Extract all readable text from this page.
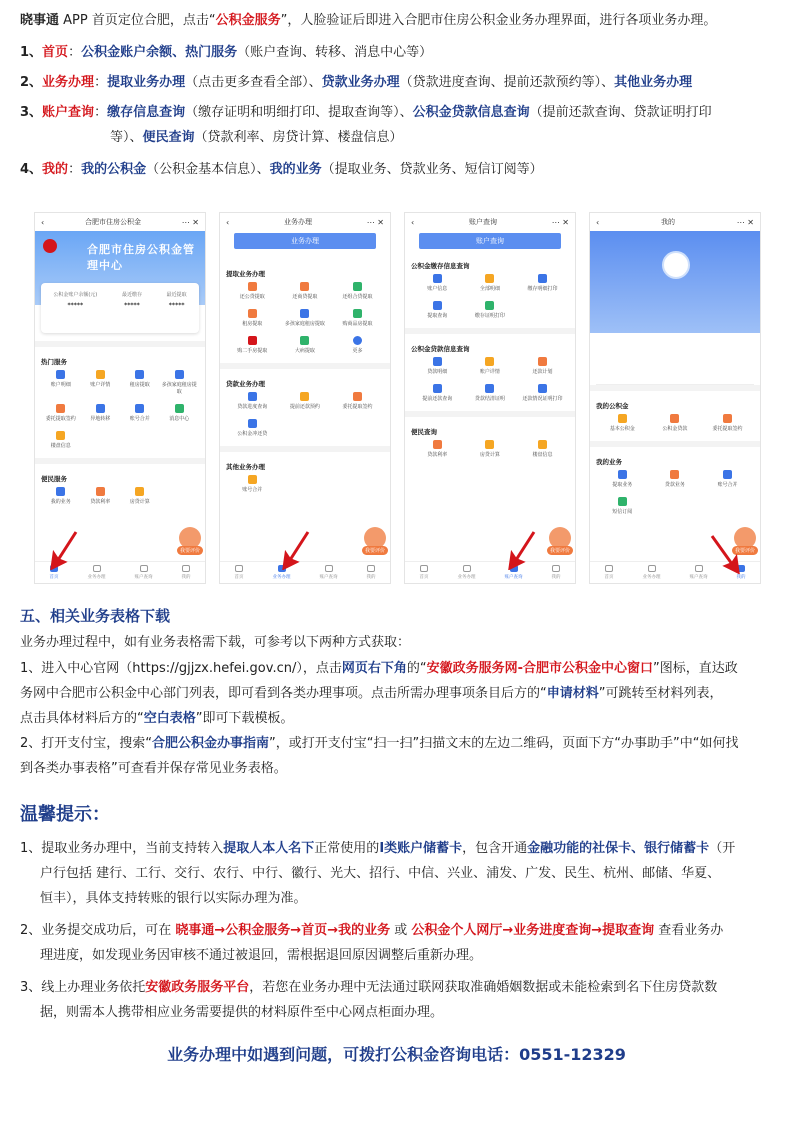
晓事通 APP 首页定位合肥，点击“公积金服务”，人脸验证后即进入合肥市住房公积金业务办理界面，进行各项业务办理。
1、首页：公积金账户余额、热门服务（账户查询、转移、消息中心等）
2、业务办理：提取业务办理（点击更多查看全部）、贷款业务办理（贷款进度查询、提前还款预约等）、其他业务办理
3、账户查询：缴存信息查询（缴存证明和明细打印、提取查询等）、公积金贷款信息查询（提前还款查询、贷款证明打印
等）、便民查询（贷款利率、房贷计算、楼盘信息）
4、我的：我的公积金（公积金基本信息）、我的业务（提取业务、贷款业务、短信订阅等）
‹	合肥市住房公积金	⋯ ✕
合肥市住房公积金管理中心
公积金账户余额(元)
*****
最近缴存
*****
最近提取
*****
热门服务
账户明细	账户详情	租房提取	多孩家庭租房提取
委托提取签约	异地转移	账号合并	消息中心
楼盘信息
便民服务
我的业务	贷款利率	房贷计算
我要评价
首页	业务办理	账户查询	我的
‹	业务办理	⋯ ✕
业务办理
提取业务办理
还公贷提取	还商贷提取	还组合贷提取
租房提取	多孩家庭租房提取	购商品房提取
购二手房提取	大病提取	更多
贷款业务办理
贷款进度查询	提前还款预约	委托提取签约
公积金冲还贷
其他业务办理
账号合并
我要评价
首页	业务办理	账户查询	我的
‹	账户查询	⋯ ✕
账户查询
公积金缴存信息查询
账户信息	全部明细	缴存明细打印
提取查询	缴存证明打印
公积金贷款信息查询
贷款明细	账户详情	还款计划
提前还款查询	贷款结清证明	还款情况证明打印
便民查询
贷款利率	房贷计算	楼盘信息
我要评价
首页	业务办理	账户查询	我的
‹	我的	⋯ ✕
我的公积金
基本公积金	公积金贷款	委托提取签约
我的业务
提取业务	贷款业务	账号合并
短信订阅
我要评价
首页	业务办理	账户查询	我的
五、相关业务表格下载
业务办理过程中，如有业务表格需下载，可参考以下两种方式获取：
1、进入中心官网（https://gjjzx.hefei.gov.cn/），点击网页右下角的“安徽政务服务网-合肥市公积金中心窗口”图标，直达政
务网中合肥市公积金中心部门列表，即可看到各类办理事项。点击所需办理事项条目后方的“申请材料”可跳转至材料列表，
点击具体材料后方的“空白表格”即可下载模板。
2、打开支付宝，搜索“合肥公积金办事指南”，或打开支付宝“扫一扫”扫描文末的左边二维码，页面下方“办事助手”中“如何找
到各类办事表格”可查看并保存常见业务表格。
温馨提示：
1、提取业务办理中，当前支持转入提取人本人名下正常使用的I类账户储蓄卡，包含开通金融功能的社保卡、银行储蓄卡（开
户行包括 建行、工行、交行、农行、中行、徽行、光大、招行、中信、兴业、浦发、广发、民生、杭州、邮储、华夏、
恒丰），具体支持转账的银行以实际办理为准。
2、业务提交成功后，可在 晓事通→公积金服务→首页→我的业务 或 公积金个人网厅→业务进度查询→提取查询 查看业务办
理进度，如发现业务因审核不通过被退回，需根据退回原因调整后重新办理。
3、线上办理业务依托安徽政务服务平台，若您在业务办理中无法通过联网获取准确婚姻数据或未能检索到名下住房贷款数
据，则需本人携带相应业务需要提供的材料原件至中心网点柜面办理。
业务办理中如遇到问题，可拨打公积金咨询电话：0551-12329
